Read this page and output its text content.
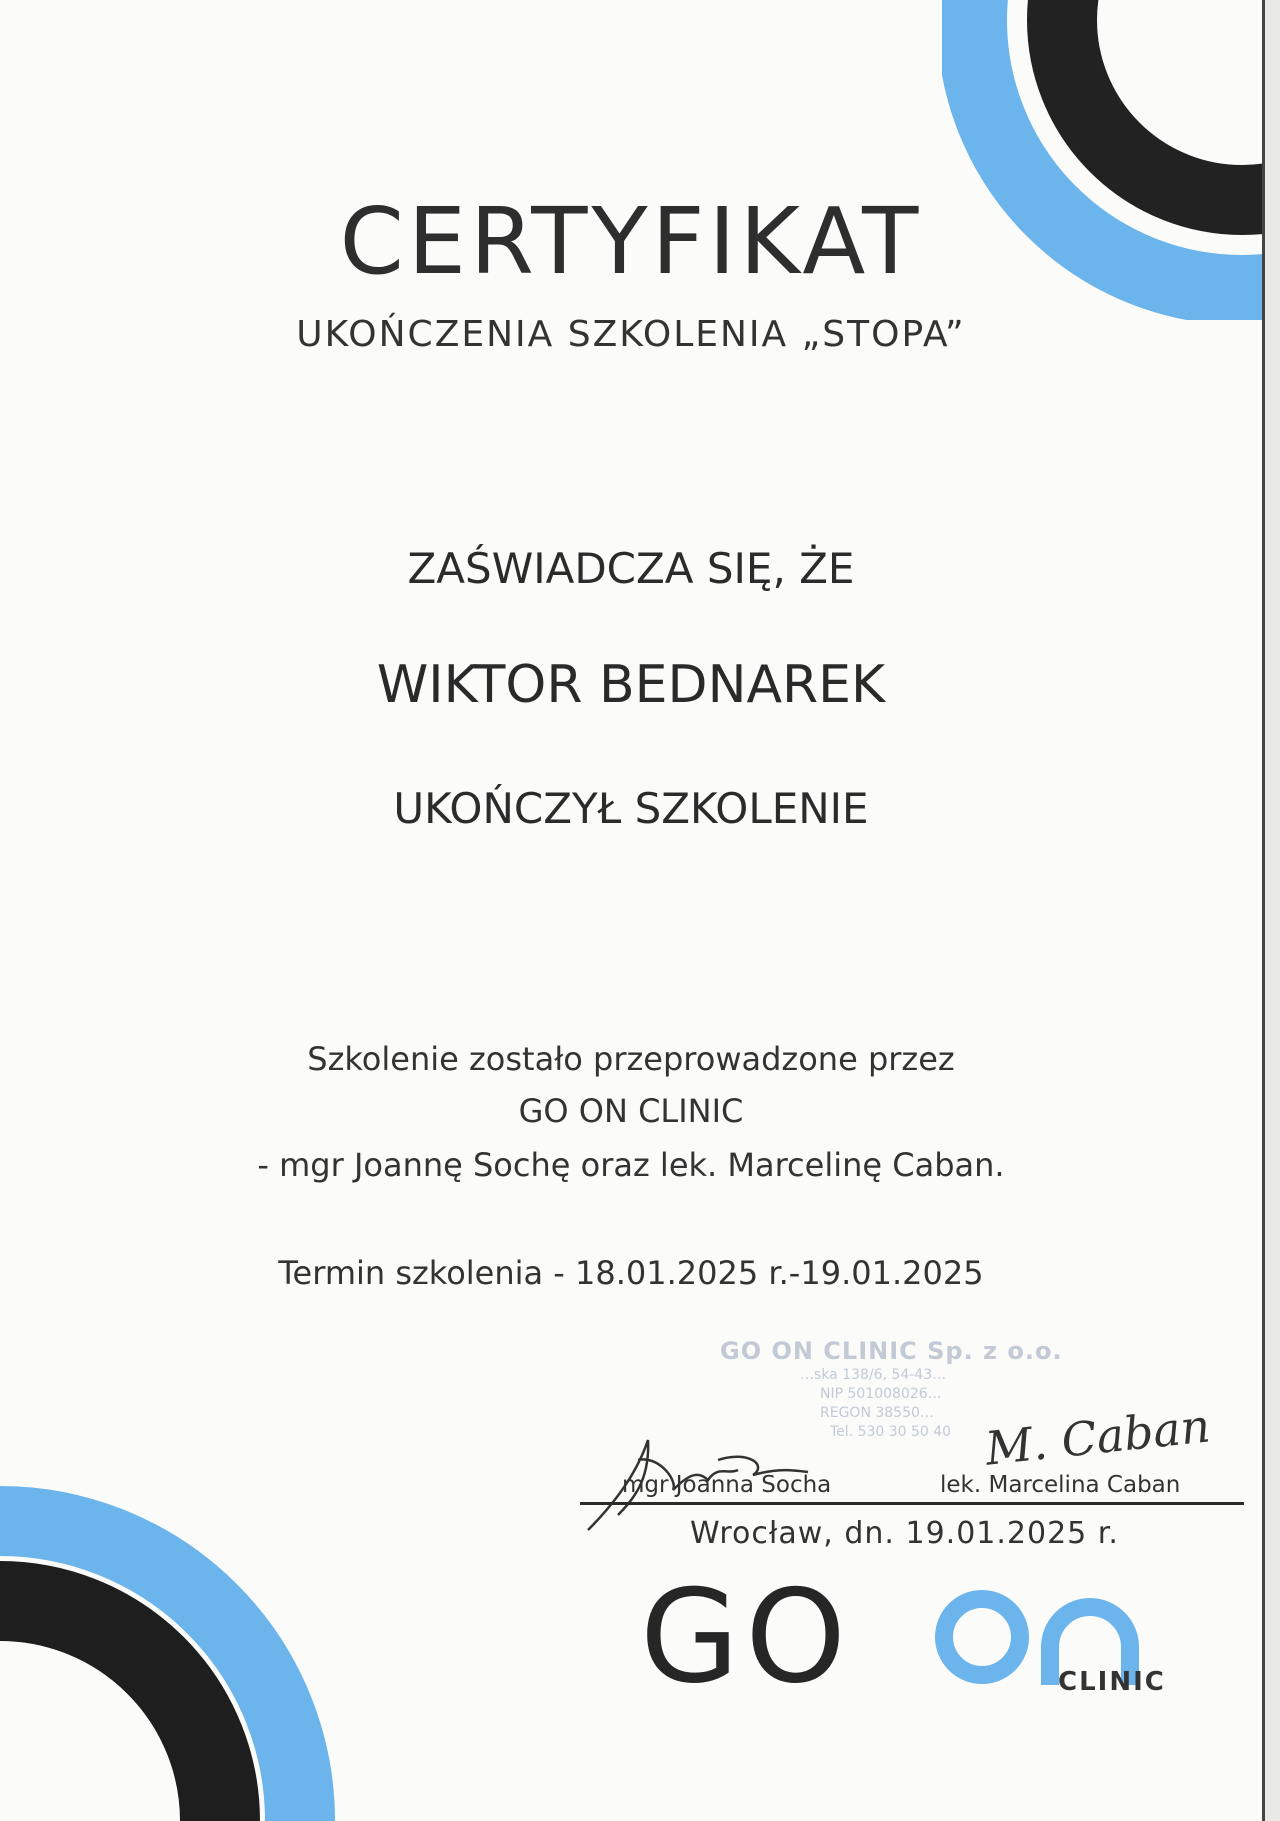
CERTYFIKAT
UKOŃCZENIA SZKOLENIA „STOPA”
ZAŚWIADCZA SIĘ, ŻE
WIKTOR BEDNAREK
UKOŃCZYŁ SZKOLENIE
Szkolenie zostało przeprowadzone przez
GO ON CLINIC
- mgr Joannę Sochę oraz lek. Marcelinę Caban.
Termin szkolenia - 18.01.2025 r.-19.01.2025
GO ON CLINIC Sp. z o.o.
…ska 138/6, 54-43…
NIP 501008026…
REGON 38550…
Tel. 530 30 50 40 M. Caban
mgr Joanna Socha	lek. Marcelina Caban
Wrocław, dn. 19.01.2025 r.
GO	CLINIC
